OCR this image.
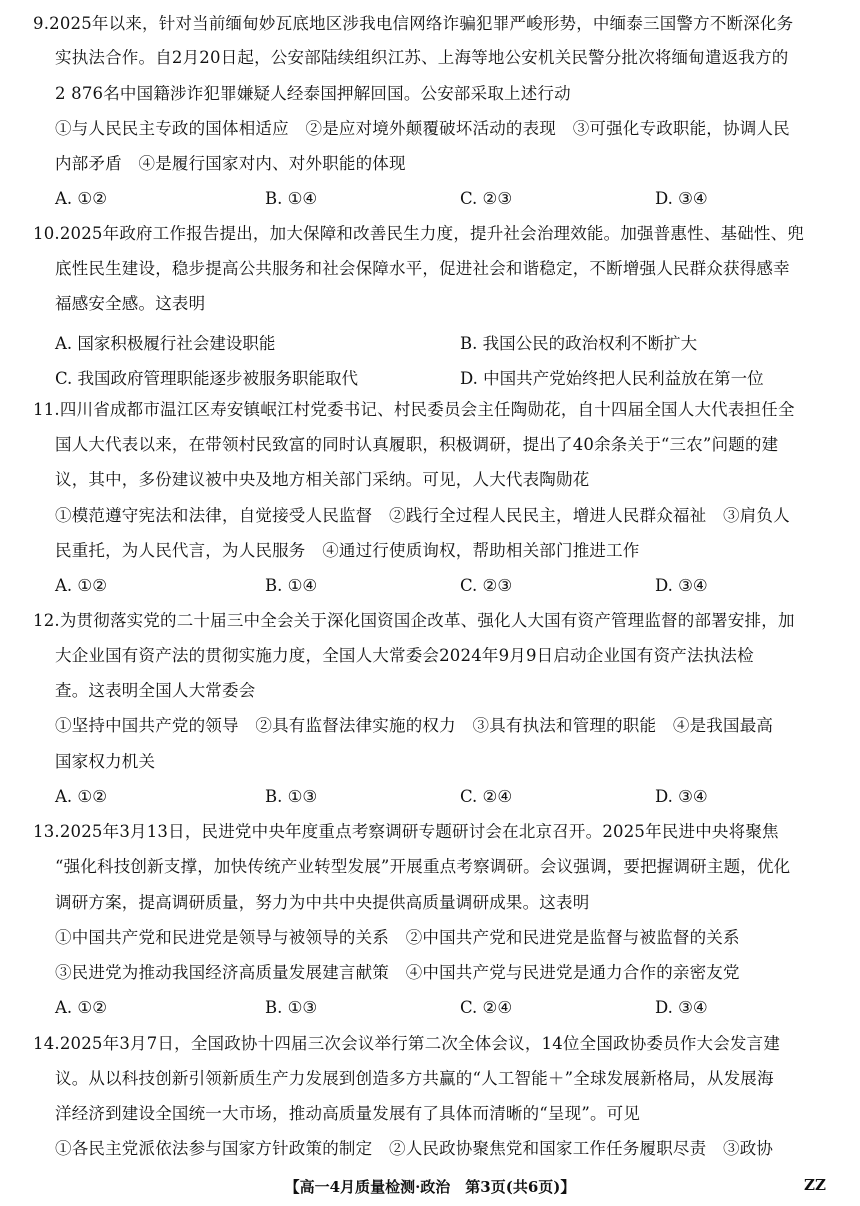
9.2025年以来，针对当前缅甸妙瓦底地区涉我电信网络诈骗犯罪严峻形势，中缅泰三国警方不断深化务
实执法合作。自2月20日起，公安部陆续组织江苏、上海等地公安机关民警分批次将缅甸遣返我方的
2 876名中国籍涉诈犯罪嫌疑人经泰国押解回国。公安部采取上述行动
①与人民民主专政的国体相适应　②是应对境外颠覆破坏活动的表现　③可强化专政职能，协调人民
内部矛盾　④是履行国家对内、对外职能的体现
A. ①②	B. ①④	C. ②③	D. ③④
10.2025年政府工作报告提出，加大保障和改善民生力度，提升社会治理效能。加强普惠性、基础性、兜
底性民生建设，稳步提高公共服务和社会保障水平，促进社会和谐稳定，不断增强人民群众获得感幸
福感安全感。这表明
A. 国家积极履行社会建设职能	B. 我国公民的政治权利不断扩大
C. 我国政府管理职能逐步被服务职能取代	D. 中国共产党始终把人民利益放在第一位
11.四川省成都市温江区寿安镇岷江村党委书记、村民委员会主任陶勋花，自十四届全国人大代表担任全
国人大代表以来，在带领村民致富的同时认真履职，积极调研，提出了40余条关于“三农”问题的建
议，其中，多份建议被中央及地方相关部门采纳。可见，人大代表陶勋花
①模范遵守宪法和法律，自觉接受人民监督　②践行全过程人民民主，增进人民群众福祉　③肩负人
民重托，为人民代言，为人民服务　④通过行使质询权，帮助相关部门推进工作
A. ①②	B. ①④	C. ②③	D. ③④
12.为贯彻落实党的二十届三中全会关于深化国资国企改革、强化人大国有资产管理监督的部署安排，加
大企业国有资产法的贯彻实施力度，全国人大常委会2024年9月9日启动企业国有资产法执法检
查。这表明全国人大常委会
①坚持中国共产党的领导　②具有监督法律实施的权力　③具有执法和管理的职能　④是我国最高
国家权力机关
A. ①②	B. ①③	C. ②④	D. ③④
13.2025年3月13日，民进党中央年度重点考察调研专题研讨会在北京召开。2025年民进中央将聚焦
“强化科技创新支撑，加快传统产业转型发展”开展重点考察调研。会议强调，要把握调研主题，优化
调研方案，提高调研质量，努力为中共中央提供高质量调研成果。这表明
①中国共产党和民进党是领导与被领导的关系　②中国共产党和民进党是监督与被监督的关系
③民进党为推动我国经济高质量发展建言献策　④中国共产党与民进党是通力合作的亲密友党
A. ①②	B. ①③	C. ②④	D. ③④
14.2025年3月7日，全国政协十四届三次会议举行第二次全体会议，14位全国政协委员作大会发言建
议。从以科技创新引领新质生产力发展到创造多方共赢的“人工智能＋”全球发展新格局，从发展海
洋经济到建设全国统一大市场，推动高质量发展有了具体而清晰的“呈现”。可见
①各民主党派依法参与国家方针政策的制定　②人民政协聚焦党和国家工作任务履职尽责　③政协
【高一4月质量检测·政治　第3页(共6页)】	ZZ
